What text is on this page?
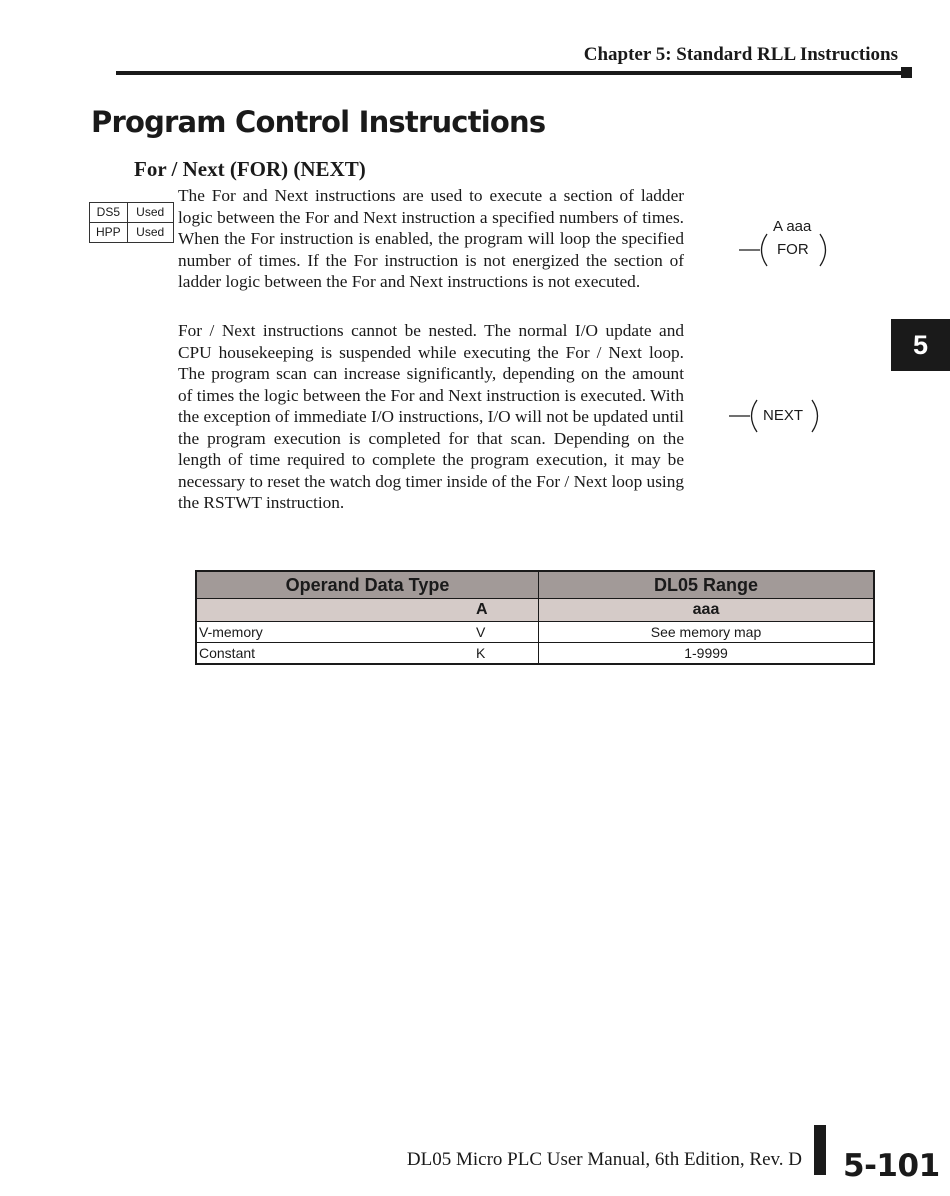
Chapter 5: Standard RLL Instructions
Program Control Instructions
For / Next (FOR) (NEXT)
DS5	Used
HPP	Used

The For and Next instructions are used to execute a section of ladder logic between the For and Next instruction a specified numbers of times. When the For instruction is enabled, the program will loop the specified number of times. If the For instruction is not energized the section of ladder logic between the For and Next instructions is not executed.

For / Next instructions cannot be nested. The normal I/O update and CPU housekeeping is suspended while executing the For / Next loop. The program scan can increase significantly, depending on the amount of times the logic between the For and Next instruction is executed. With the exception of immediate I/O instructions, I/O will not be updated until the program execution is completed for that scan. Depending on the length of time required to complete the program execution, it may be necessary to reset the watch dog timer inside of the For / Next loop using the RSTWT instruction.

A aaa
FOR
NEXT
5
Operand Data Type	DL05 Range

A	aaa

V-memory V	See memory map

Constant K	1-9999
DL05 Micro PLC User Manual, 6th Edition, Rev. D 5-101
